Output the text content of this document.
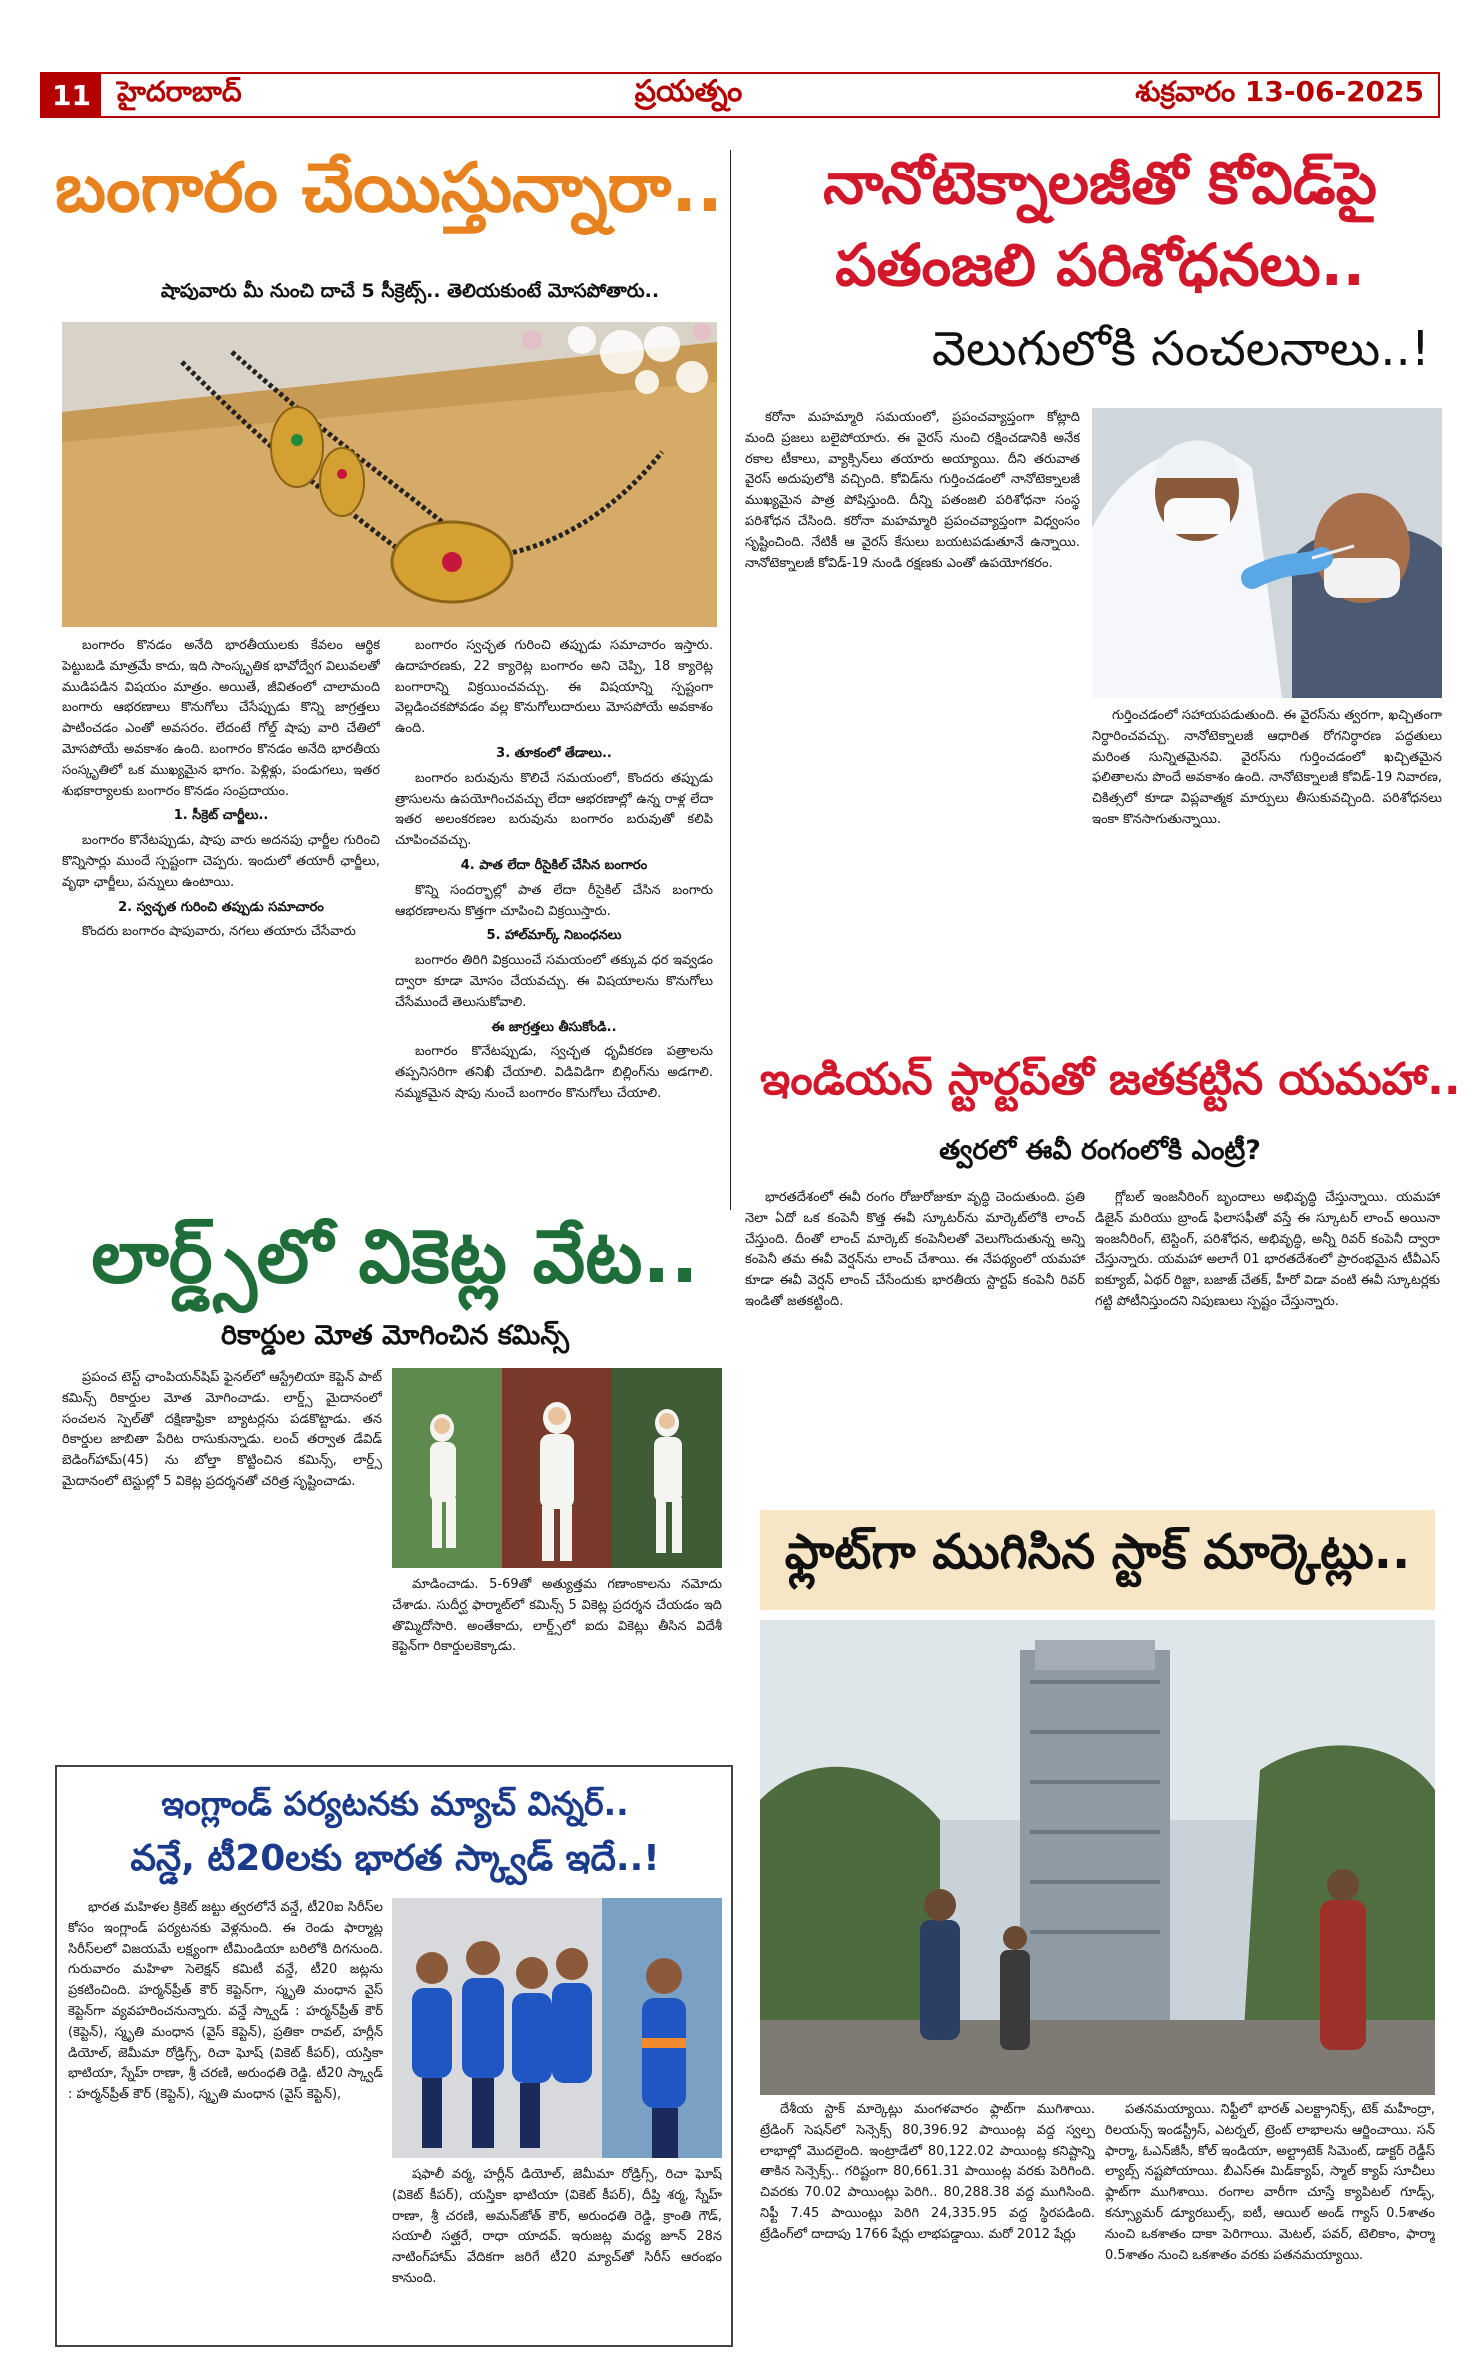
11 హైదరాబాద్	ప్రయత్నం	శుక్రవారం 13-06-2025
బంగారం చేయిస్తున్నారా..
షాపువారు మీ నుంచి దాచే 5 సీక్రెట్స్.. తెలియకుంటే మోసపోతారు..

బంగారం కొనడం అనేది భారతీయులకు కేవలం ఆర్థిక పెట్టుబడి మాత్రమే కాదు, ఇది సాంస్కృతిక భావోద్వేగ విలువలతో ముడిపడిన విషయం మాత్రం. అయితే, జీవితంలో చాలామంది బంగారు ఆభరణాలు కొనుగోలు చేసేప్పుడు కొన్ని జాగ్రత్తలు పాటించడం ఎంతో అవసరం. లేదంటే గోల్డ్ షాపు వారి చేతిలో మోసపోయే అవకాశం ఉంది. బంగారం కొనడం అనేది భారతీయ సంస్కృతిలో ఒక ముఖ్యమైన భాగం. పెళ్లిళ్లు, పండుగలు, ఇతర శుభకార్యాలకు బంగారం కొనడం సంప్రదాయం.

1. సీక్రెట్ చార్జీలు..

బంగారం కొనేటప్పుడు, షాపు వారు అదనపు ఛార్జీల గురించి కొన్నిసార్లు ముందే స్పష్టంగా చెప్పరు. ఇందులో తయారీ ఛార్జీలు, వృథా ఛార్జీలు, పన్నులు ఉంటాయి.

2. స్వచ్ఛత గురించి తప్పుడు సమాచారం

కొందరు బంగారం షాపువారు, నగలు తయారు చేసేవారు

బంగారం స్వచ్ఛత గురించి తప్పుడు సమాచారం ఇస్తారు. ఉదాహరణకు, 22 క్యారెట్ల బంగారం అని చెప్పి, 18 క్యారెట్ల బంగారాన్ని విక్రయించవచ్చు. ఈ విషయాన్ని స్పష్టంగా వెల్లడించకపోవడం వల్ల కొనుగోలుదారులు మోసపోయే అవకాశం ఉంది.

3. తూకంలో తేడాలు..

బంగారం బరువును కొలిచే సమయంలో, కొందరు తప్పుడు త్రాసులను ఉపయోగించవచ్చు లేదా ఆభరణాల్లో ఉన్న రాళ్ల లేదా ఇతర అలంకరణల బరువును బంగారం బరువుతో కలిపి చూపించవచ్చు.

4. పాత లేదా రీసైకిల్ చేసిన బంగారం

కొన్ని సందర్భాల్లో పాత లేదా రీసైకిల్ చేసిన బంగారు ఆభరణాలను కొత్తగా చూపించి విక్రయిస్తారు.

5. హాల్‌మార్క్ నిబంధనలు

బంగారం తిరిగి విక్రయించే సమయంలో తక్కువ ధర ఇవ్వడం ద్వారా కూడా మోసం చేయవచ్చు. ఈ విషయాలను కొనుగోలు చేసేముందే తెలుసుకోవాలి.

ఈ జాగ్రత్తలు తీసుకోండి..

బంగారం కొనేటప్పుడు, స్వచ్ఛత ధృవీకరణ పత్రాలను తప్పనిసరిగా తనిఖీ చేయాలి. విడివిడిగా బిల్లింగ్‌ను అడగాలి. నమ్మకమైన షాపు నుంచే బంగారం కొనుగోలు చేయాలి.

నానోటెక్నాలజీతో కోవిడ్‌పై
పతంజలి పరిశోధనలు..
వెలుగులోకి సంచలనాలు..!

కరోనా మహమ్మారి సమయంలో, ప్రపంచవ్యాప్తంగా కోట్లాది మంది ప్రజలు బలైపోయారు. ఈ వైరస్ నుంచి రక్షించడానికి అనేక రకాల టీకాలు, వ్యాక్సిన్‌లు తయారు అయ్యాయి. దీని తరువాత వైరస్ అదుపులోకి వచ్చింది. కోవిడ్‌ను గుర్తించడంలో నానోటెక్నాలజీ ముఖ్యమైన పాత్ర పోషిస్తుంది. దీన్ని పతంజలి పరిశోధనా సంస్థ పరిశోధన చేసింది. కరోనా మహమ్మారి ప్రపంచవ్యాప్తంగా విధ్వంసం సృష్టించింది. నేటికీ ఆ వైరస్ కేసులు బయటపడుతూనే ఉన్నాయి. నానోటెక్నాలజీ కోవిడ్-19 నుండి రక్షణకు ఎంతో ఉపయోగకరం.

గుర్తించడంలో సహాయపడుతుంది. ఈ వైరస్‌ను త్వరగా, ఖచ్చితంగా నిర్ధారించవచ్చు. నానోటెక్నాలజీ ఆధారిత రోగనిర్ధారణ పద్ధతులు మరింత సున్నితమైనవి. వైరస్‌ను గుర్తించడంలో ఖచ్చితమైన ఫలితాలను పొందే అవకాశం ఉంది. నానోటెక్నాలజీ కోవిడ్-19 నివారణ, చికిత్సలో కూడా విప్లవాత్మక మార్పులు తీసుకువచ్చింది. పరిశోధనలు ఇంకా కొనసాగుతున్నాయి.

ఇండియన్ స్టార్టప్‌తో జతకట్టిన యమహా..
త్వరలో ఈవీ రంగంలోకి ఎంట్రీ?

భారతదేశంలో ఈవీ రంగం రోజురోజుకూ వృద్ధి చెందుతుంది. ప్రతి నెలా ఏదో ఒక కంపెనీ కొత్త ఈవీ స్కూటర్‌ను మార్కెట్‌లోకి లాంచ్ చేస్తుంది. దీంతో లాంచ్ మార్కెట్ కంపెనీలతో వెలుగొందుతున్న అన్ని కంపెనీ తమ ఈవీ వెర్షన్‌ను లాంచ్ చేశాయి. ఈ నేపథ్యంలో యమహా కూడా ఈవీ వెర్షన్ లాంచ్ చేసేందుకు భారతీయ స్టార్టప్ కంపెనీ రివర్ ఇండితో జతకట్టింది.

గ్లోబల్ ఇంజనీరింగ్ బృందాలు అభివృద్ధి చేస్తున్నాయి. యమహా డిజైన్ మరియు బ్రాండ్ ఫిలాసఫీతో వస్తే ఈ స్కూటర్ లాంచ్ అయినా ఇంజనీరింగ్, టెస్టింగ్, పరిశోధన, అభివృద్ధి, అన్నీ రివర్ కంపెనీ ద్వారా చేస్తున్నారు. యమహా అలాగే 01 భారతదేశంలో ప్రారంభమైన టీవీఎస్ ఐక్యూబ్, ఏథర్ రిజ్టా, బజాజ్ చేతక్, హీరో విడా వంటి ఈవీ స్కూటర్లకు గట్టి పోటీనిస్తుందని నిపుణులు స్పష్టం చేస్తున్నారు.

లార్డ్స్‌లో వికెట్ల వేట..
రికార్డుల మోత మోగించిన కమిన్స్

ప్రపంచ టెస్ట్ ఛాంపియన్‌షిప్ ఫైనల్‌లో ఆస్ట్రేలియా కెప్టెన్ పాట్ కమిన్స్ రికార్డుల మోత మోగించాడు. లార్డ్స్ మైదానంలో సంచలన స్పెల్‌తో దక్షిణాఫ్రికా బ్యాటర్లను పడకొట్టాడు. తన రికార్డుల జాబితా పేరిట రాసుకున్నాడు. లంచ్ తర్వాత డేవిడ్ బెడింగ్‌హామ్(45) ను బోల్తా కొట్టించిన కమిన్స్, లార్డ్స్ మైదానంలో టెస్టుల్లో 5 వికెట్ల ప్రదర్శనతో చరిత్ర సృష్టించాడు.

మాడించాడు. 5-69తో అత్యుత్తమ గణాంకాలను నమోదు చేశాడు. సుదీర్ఘ ఫార్మాట్‌లో కమిన్స్ 5 వికెట్ల ప్రదర్శన చేయడం ఇది తొమ్మిదోసారి. అంతేకాదు, లార్డ్స్‌లో ఐదు వికెట్లు తీసిన విదేశీ కెప్టెన్‌గా రికార్డులకెక్కాడు.

ఇంగ్లాండ్ పర్యటనకు మ్యాచ్ విన్నర్..
వన్డే, టీ20లకు భారత స్క్వాడ్ ఇదే..!

భారత మహిళల క్రికెట్ జట్టు త్వరలోనే వన్డే, టీ20ఐ సిరీస్‌ల కోసం ఇంగ్లాండ్ పర్యటనకు వెళ్లనుంది. ఈ రెండు ఫార్మాట్ల సిరీస్‌లలో విజయమే లక్ష్యంగా టీమిండియా బరిలోకి దిగనుంది. గురువారం మహిళా సెలెక్షన్ కమిటీ వన్డే, టీ20 జట్లను ప్రకటించింది. హర్మన్‌ప్రీత్ కౌర్ కెప్టెన్‌గా, స్మృతి మంధాన వైస్ కెప్టెన్‌గా వ్యవహరించనున్నారు. వన్డే స్క్వాడ్ : హర్మన్‌ప్రీత్ కౌర్ (కెప్టెన్), స్మృతి మంధాన (వైస్ కెప్టెన్), ప్రతికా రావల్, హర్లీన్ డియోల్, జెమీమా రోడ్రిగ్స్, రిచా ఘోష్ (వికెట్ కీపర్), యస్తికా భాటియా, స్నేహ్ రాణా, శ్రీ చరణి, అరుంధతి రెడ్డి. టీ20 స్క్వాడ్ : హర్మన్‌ప్రీత్ కౌర్ (కెప్టెన్), స్మృతి మంధాన (వైస్ కెప్టెన్),

షఫాలీ వర్మ, హర్లీన్ డియోల్, జెమీమా రోడ్రిగ్స్, రిచా ఘోష్ (వికెట్ కీపర్), యస్తికా భాటియా (వికెట్ కీపర్), దీప్తి శర్మ, స్నేహ్ రాణా, శ్రీ చరణి, అమన్‌జోత్ కౌర్, అరుంధతి రెడ్డి, క్రాంతి గౌడ్, సయాలీ సత్ఘరే, రాధా యాదవ్. ఇరుజట్ల మధ్య జూన్ 28న నాటింగ్‌హామ్ వేదికగా జరిగే టీ20 మ్యాచ్‌తో సిరీస్ ఆరంభం కానుంది.

ఫ్లాట్‌గా ముగిసిన స్టాక్ మార్కెట్లు..

దేశీయ స్టాక్ మార్కెట్లు మంగళవారం ఫ్లాట్‌గా ముగిశాయి. ట్రేడింగ్ సెషన్‌లో సెన్సెక్స్ 80,396.92 పాయింట్ల వద్ద స్వల్ప లాభాల్లో మొదలైంది. ఇంట్రాడేలో 80,122.02 పాయింట్ల కనిష్టాన్ని తాకిన సెన్సెక్స్.. గరిష్టంగా 80,661.31 పాయింట్ల వరకు పెరిగింది. చివరకు 70.02 పాయింట్లు పెరిగి.. 80,288.38 వద్ద ముగిసింది. నిఫ్టీ 7.45 పాయింట్లు పెరిగి 24,335.95 వద్ద స్థిరపడింది. ట్రేడింగ్‌లో దాదాపు 1766 షేర్లు లాభపడ్డాయి. మరో 2012 షేర్లు

పతనమయ్యాయి. నిఫ్టీలో భారత్ ఎలక్ట్రానిక్స్, టెక్ మహీంద్రా, రిలయన్స్ ఇండస్ట్రీస్, ఎటర్నల్, ట్రెంట్ లాభాలను ఆర్జించాయి. సన్ ఫార్మా, ఓఎన్‌జీసీ, కోల్ ఇండియా, అల్ట్రాటెక్ సిమెంట్, డాక్టర్ రెడ్డీస్ ల్యాబ్స్ నష్టపోయాయి. బీఎస్ఈ మిడ్‌క్యాప్, స్మాల్ క్యాప్ సూచీలు ఫ్లాట్‌గా ముగిశాయి. రంగాల వారీగా చూస్తే క్యాపిటల్ గూడ్స్, కన్స్యూమర్ డ్యూరబుల్స్, ఐటీ, ఆయిల్ అండ్ గ్యాస్ 0.5శాతం నుంచి ఒకశాతం దాకా పెరిగాయి. మెటల్, పవర్, టెలికాం, ఫార్మా 0.5శాతం నుంచి ఒకశాతం వరకు పతనమయ్యాయి.
